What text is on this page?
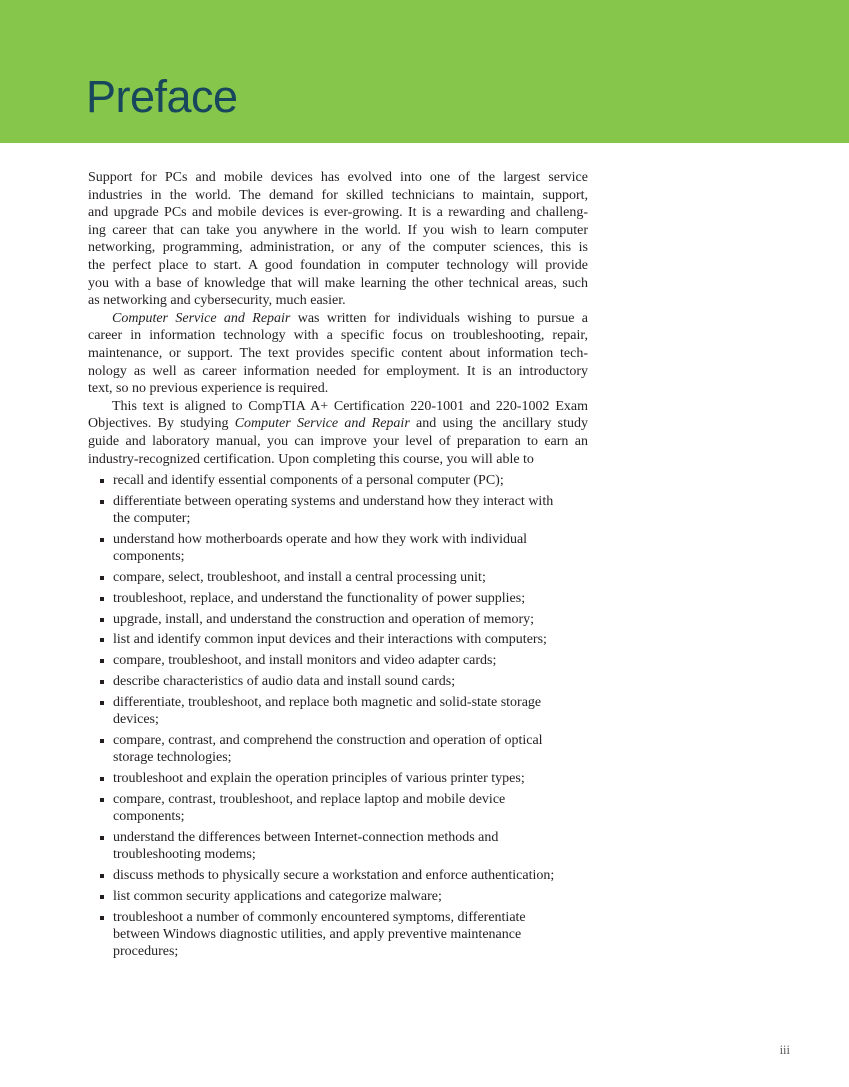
Preface
Support for PCs and mobile devices has evolved into one of the largest service
industries in the world. The demand for skilled technicians to maintain, support,
and upgrade PCs and mobile devices is ever-growing. It is a rewarding and challeng-
ing career that can take you anywhere in the world. If you wish to learn computer
networking, programming, administration, or any of the computer sciences, this is
the perfect place to start. A good foundation in computer technology will provide
you with a base of knowledge that will make learning the other technical areas, such
as networking and cybersecurity, much easier.
Computer Service and Repair was written for individuals wishing to pursue a
career in information technology with a specific focus on troubleshooting, repair,
maintenance, or support. The text provides specific content about information tech-
nology as well as career information needed for employment. It is an introductory
text, so no previous experience is required.
This text is aligned to CompTIA A+ Certification 220-1001 and 220-1002 Exam
Objectives. By studying Computer Service and Repair and using the ancillary study
guide and laboratory manual, you can improve your level of preparation to earn an
industry-recognized certification. Upon completing this course, you will able to
recall and identify essential components of a personal computer (PC);
differentiate between operating systems and understand how they interact with
the computer;
understand how motherboards operate and how they work with individual
components;
compare, select, troubleshoot, and install a central processing unit;
troubleshoot, replace, and understand the functionality of power supplies;
upgrade, install, and understand the construction and operation of memory;
list and identify common input devices and their interactions with computers;
compare, troubleshoot, and install monitors and video adapter cards;
describe characteristics of audio data and install sound cards;
differentiate, troubleshoot, and replace both magnetic and solid-state storage
devices;
compare, contrast, and comprehend the construction and operation of optical
storage technologies;
troubleshoot and explain the operation principles of various printer types;
compare, contrast, troubleshoot, and replace laptop and mobile device
components;
understand the differences between Internet-connection methods and
troubleshooting modems;
discuss methods to physically secure a workstation and enforce authentication;
list common security applications and categorize malware;
troubleshoot a number of commonly encountered symptoms, differentiate
between Windows diagnostic utilities, and apply preventive maintenance
procedures;
iii
